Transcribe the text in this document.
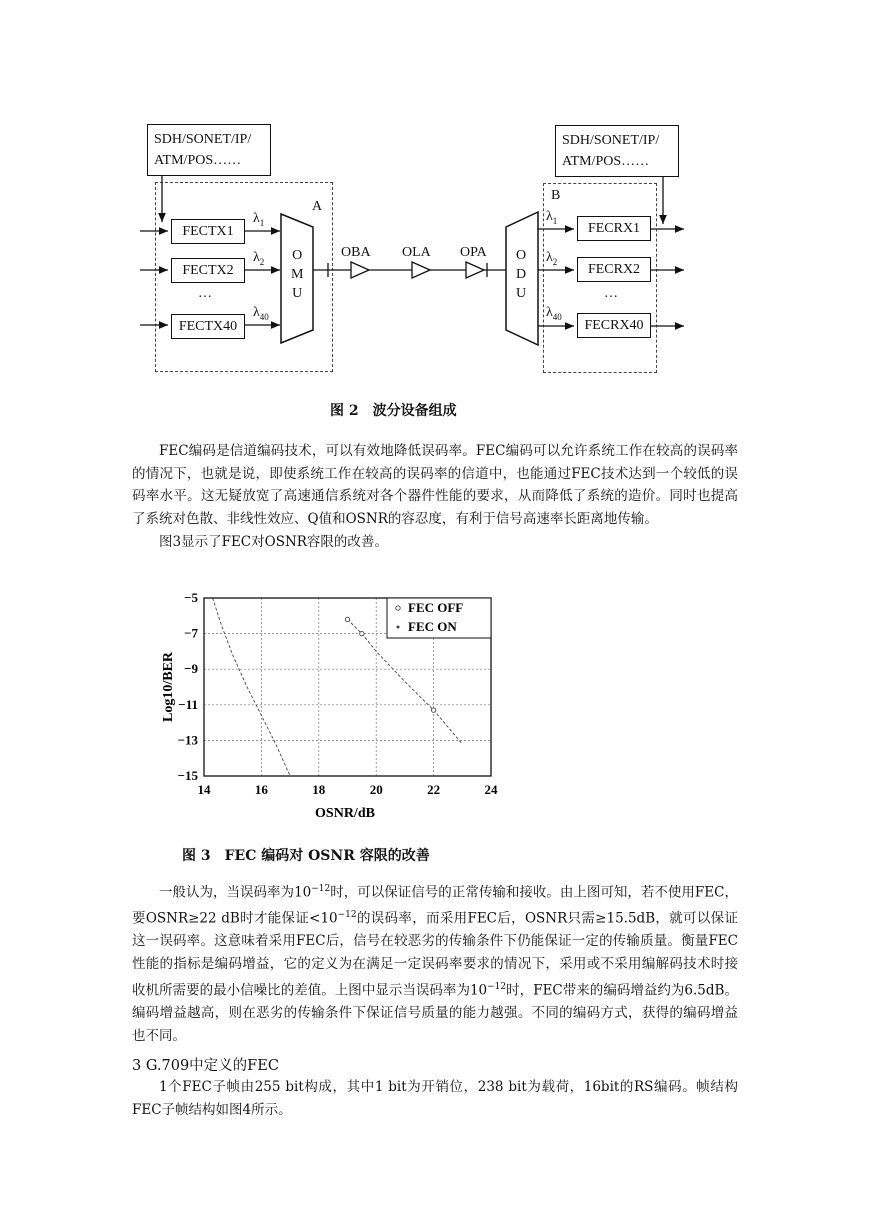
SDH/SONET/IP/
ATM/POS……
SDH/SONET/IP/
ATM/POS……
A
B
FECTX1
FECTX2
…
FECTX40
FECRX1
FECRX2
…
FECRX40
$\lambda_1$
$\lambda_2$
$\lambda_{40}$
$\lambda_1$
$\lambda_2$
$\lambda_{40}$
O
M
U
O
D
U
OBA OLA OPA
图 2　波分设备组成

FEC编码是信道编码技术，可以有效地降低误码率。FEC编码可以允许系统工作在较高的误码率的情况下，也就是说，即使系统工作在较高的误码率的信道中，也能通过FEC技术达到一个较低的误码率水平。这无疑放宽了高速通信系统对各个器件性能的要求，从而降低了系统的造价。同时也提高了系统对色散、非线性效应、Q值和OSNR的容忍度，有利于信号高速率长距离地传输。

图3显示了FEC对OSNR容限的改善。

14	16	18	20	22	24
−5
−7
−9
−11
−13
−15
FEC OFF
FEC ON
OSNR/dB
Log10/BER
图 3　FEC 编码对 OSNR 容限的改善

一般认为，当误码率为$10^{-12}$时，可以保证信号的正常传输和接收。由上图可知，若不使用FEC，要OSNR≥22 dB时才能保证$<10^{-12}$的误码率，而采用FEC后，OSNR只需≥15.5dB，就可以保证这一误码率。这意味着采用FEC后，信号在较恶劣的传输条件下仍能保证一定的传输质量。衡量FEC性能的指标是编码增益，它的定义为在满足一定误码率要求的情况下，采用或不采用编解码技术时接收机所需要的最小信噪比的差值。上图中显示当误码率为$10^{-12}$时，FEC带来的编码增益约为6.5dB。编码增益越高，则在恶劣的传输条件下保证信号质量的能力越强。不同的编码方式，获得的编码增益也不同。

3 G.709中定义的FEC

1个FEC子帧由255 bit构成，其中1 bit为开销位，238 bit为载荷，16bit的RS编码。帧结构FEC子帧结构如图4所示。
